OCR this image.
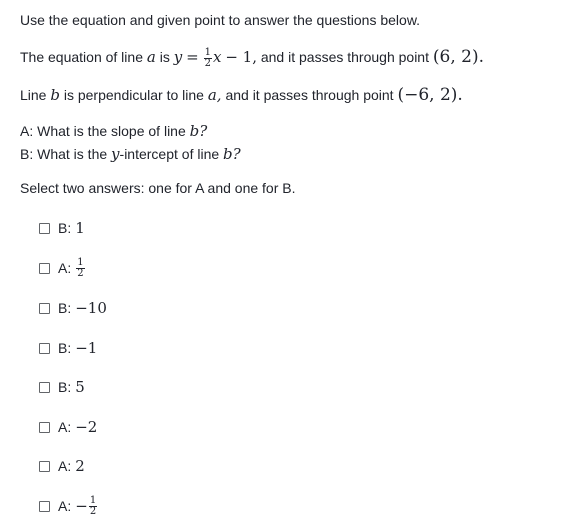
Use the equation and given point to answer the questions below.
The equation of line a is $y = \frac{1}{2}$ x − 1, and it passes through point (6, 2).
Line b is perpendicular to line a, and it passes through point (−6, 2).
A: What is the slope of line b?
B: What is the y-intercept of line b?
Select two answers: one for A and one for B.
B: 1
A: $\frac{1}{2}$
B: −10
B: −1
B: 5
A: −2
A: 2
A: − $\frac{1}{2}$
